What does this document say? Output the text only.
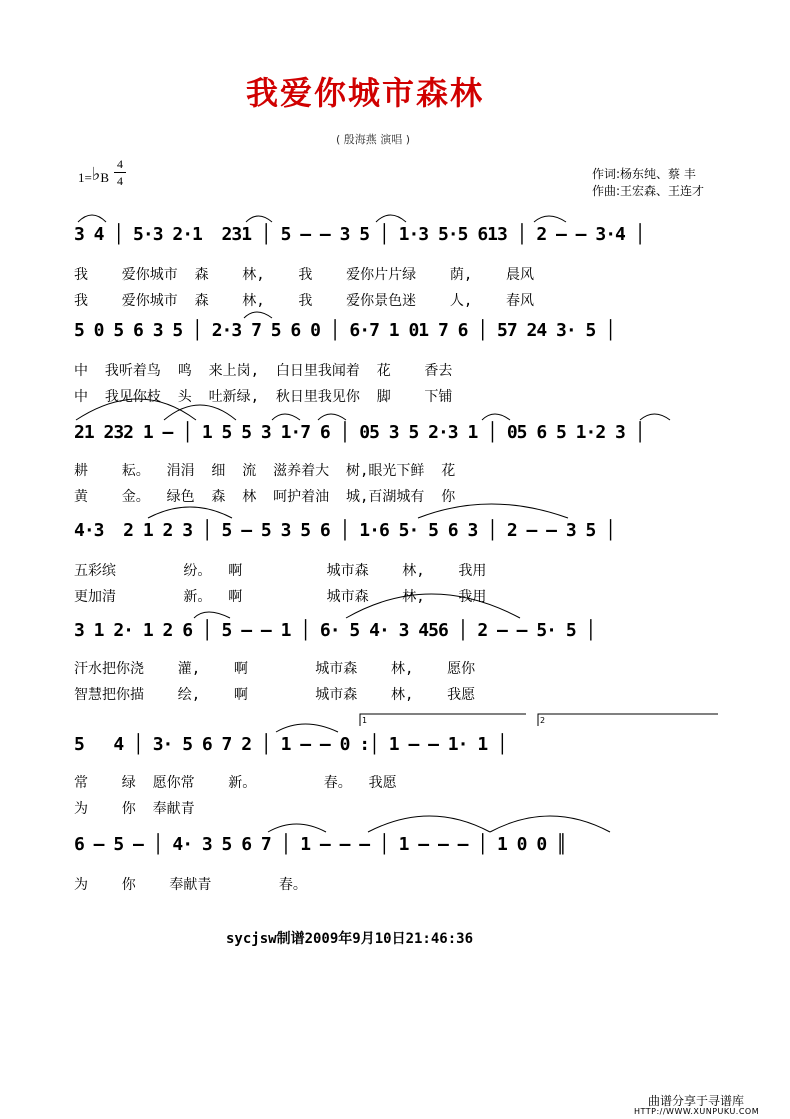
我爱你城市森林
( 殷海燕 演唱 )
1=♭B
4
4	作词:杨东纯、蔡 丰
作曲:王宏森、王连才
3 4 │ 5·3 2·1  231 │ 5 — — 3 5 │ 1·3 5·5 613 │ 2 — — 3·4 │
我    爱你城市  森    林,    我    爱你片片绿    荫,    晨风
我    爱你城市  森    林,    我    爱你景色迷    人,    春风
5 0 5 6 3 5 │ 2·3 7 5 6 0 │ 6·7 1 01 7 6 │ 57 24 3· 5 │
中  我听着鸟  鸣  来上岗,  白日里我闻着  花    香去
中  我见你枝  头  吐新绿,  秋日里我见你  脚    下铺
21 232 1 — │ 1 5 5 3 1·7 6 │ 05 3 5 2·3 1 │ 05 6 5 1·2 3 │
耕    耘。  涓涓  细  流  滋养着大  树,眼光下鲜  花
黄    金。  绿色  森  林  呵护着油  城,百湖城有  你
4·3  2 1 2 3 │ 5 — 5 3 5 6 │ 1·6 5· 5 6 3 │ 2 — — 3 5 │
五彩缤        纷。  啊          城市森    林,    我用
更加清        新。  啊          城市森    林,    我用
3 1 2· 1 2 6 │ 5 — — 1 │ 6· 5 4· 3 456 │ 2 — — 5· 5 │
汗水把你浇    灌,    啊        城市森    林,    愿你
智慧把你描    绘,    啊        城市森    林,    我愿
5   4 │ 3· 5 6 7 2 │ 1 — — 0 :│ 1 — — 1· 1 │
常    绿  愿你常    新。        春。  我愿
为    你  奉献青
6 — 5 — │ 4· 3 5 6 7 │ 1 — — — │ 1 — — — │ 1 0 0 ║
为    你    奉献青        春。
1	2
sycjsw制谱2009年9月10日21:46:36
曲谱分享于寻谱库
HTTP://WWW.XUNPUKU.COM
